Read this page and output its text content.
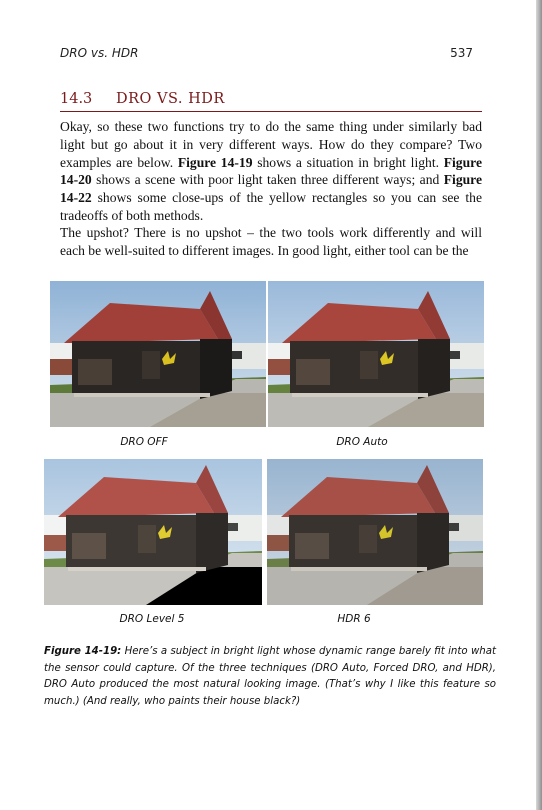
DRO vs. HDR	537
14.3 DRO VS. HDR

Okay, so these two functions try to do the same thing under similarly bad light but go about it in very different ways. How do they compare? Two examples are below. Figure 14-19 shows a situation in bright light. Figure 14-20 shows a scene with poor light taken three different ways; and Figure 14-22 shows some close-ups of the yellow rectangles so you can see the tradeoffs of both methods.

The upshot? There is no upshot – the two tools work differently and will each be well-suited to different images. In good light, either tool can be the
DRO OFF	DRO Auto
DRO Level 5	HDR 6

Figure 14-19: Here’s a subject in bright light whose dynamic range barely fit into what the sensor could capture. Of the three techniques (DRO Auto, Forced DRO, and HDR), DRO Auto produced the most natural looking image. (That’s why I like this feature so much.) (And really, who paints their house black?)
